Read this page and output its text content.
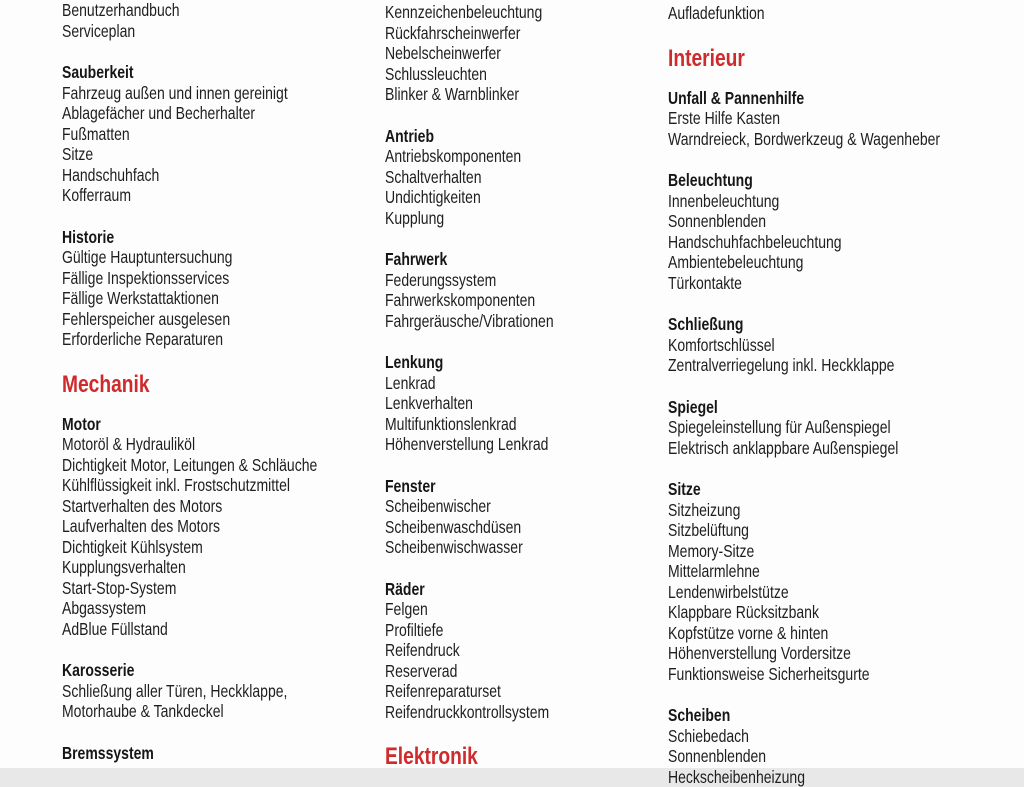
Benutzerhandbuch
Serviceplan
Sauberkeit
Fahrzeug außen und innen gereinigt
Ablagefächer und Becherhalter
Fußmatten
Sitze
Handschuhfach
Kofferraum
Historie
Gültige Hauptuntersuchung
Fällige Inspektionsservices
Fällige Werkstattaktionen
Fehlerspeicher ausgelesen
Erforderliche Reparaturen
Mechanik
Motor
Motoröl & Hydrauliköl
Dichtigkeit Motor, Leitungen & Schläuche
Kühlflüssigkeit inkl. Frostschutzmittel
Startverhalten des Motors
Laufverhalten des Motors
Dichtigkeit Kühlsystem
Kupplungsverhalten
Start-Stop-System
Abgassystem
AdBlue Füllstand
Karosserie
Schließung aller Türen, Heckklappe,
Motorhaube & Tankdeckel
Bremssystem
Kennzeichenbeleuchtung
Rückfahrscheinwerfer
Nebelscheinwerfer
Schlussleuchten
Blinker & Warnblinker
Antrieb
Antriebskomponenten
Schaltverhalten
Undichtigkeiten
Kupplung
Fahrwerk
Federungssystem
Fahrwerkskomponenten
Fahrgeräusche/Vibrationen
Lenkung
Lenkrad
Lenkverhalten
Multifunktionslenkrad
Höhenverstellung Lenkrad
Fenster
Scheibenwischer
Scheibenwaschdüsen
Scheibenwischwasser
Räder
Felgen
Profiltiefe
Reifendruck
Reserverad
Reifenreparaturset
Reifendruckkontrollsystem
Elektronik
Aufladefunktion
Interieur
Unfall & Pannenhilfe
Erste Hilfe Kasten
Warndreieck, Bordwerkzeug & Wagenheber
Beleuchtung
Innenbeleuchtung
Sonnenblenden
Handschuhfachbeleuchtung
Ambientebeleuchtung
Türkontakte
Schließung
Komfortschlüssel
Zentralverriegelung inkl. Heckklappe
Spiegel
Spiegeleinstellung für Außenspiegel
Elektrisch anklappbare Außenspiegel
Sitze
Sitzheizung
Sitzbelüftung
Memory-Sitze
Mittelarmlehne
Lendenwirbelstütze
Klappbare Rücksitzbank
Kopfstütze vorne & hinten
Höhenverstellung Vordersitze
Funktionsweise Sicherheitsgurte
Scheiben
Schiebedach
Sonnenblenden
Heckscheibenheizung
